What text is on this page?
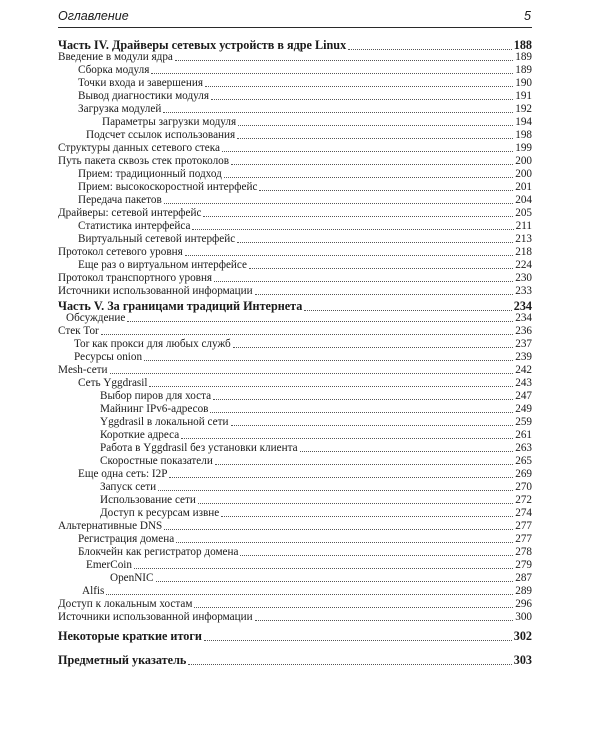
Оглавление	5
Часть IV. Драйверы сетевых устройств в ядре Linux	188
Введение в модули ядра	189
Сборка модуля	189
Точки входа и завершения	190
Вывод диагностики модуля	191
Загрузка модулей	192
Параметры загрузки модуля	194
Подсчет ссылок использования	198
Структуры данных сетевого стека	199
Путь пакета сквозь стек протоколов	200
Прием: традиционный подход	200
Прием: высокоскоростной интерфейс	201
Передача пакетов	204
Драйверы: сетевой интерфейс	205
Статистика интерфейса	211
Виртуальный сетевой интерфейс	213
Протокол сетевого уровня	218
Еще раз о виртуальном интерфейсе	224
Протокол транспортного уровня	230
Источники использованной информации	233
Часть V. За границами традиций Интернета	234
Обсуждение	234
Стек Tor	236
Tor как прокси для любых служб	237
Ресурсы onion	239
Mesh-сети	242
Сеть Yggdrasil	243
Выбор пиров для хоста	247
Майнинг IPv6-адресов	249
Yggdrasil в локальной сети	259
Короткие адреса	261
Работа в Yggdrasil без установки клиента	263
Скоростные показатели	265
Еще одна сеть: I2P	269
Запуск сети	270
Использование сети	272
Доступ к ресурсам извне	274
Альтернативные DNS	277
Регистрация домена	277
Блокчейн как регистратор домена	278
EmerCoin	279
OpenNIC	287
Alfis	289
Доступ к локальным хостам	296
Источники использованной информации	300
Некоторые краткие итоги	302
Предметный указатель	303
